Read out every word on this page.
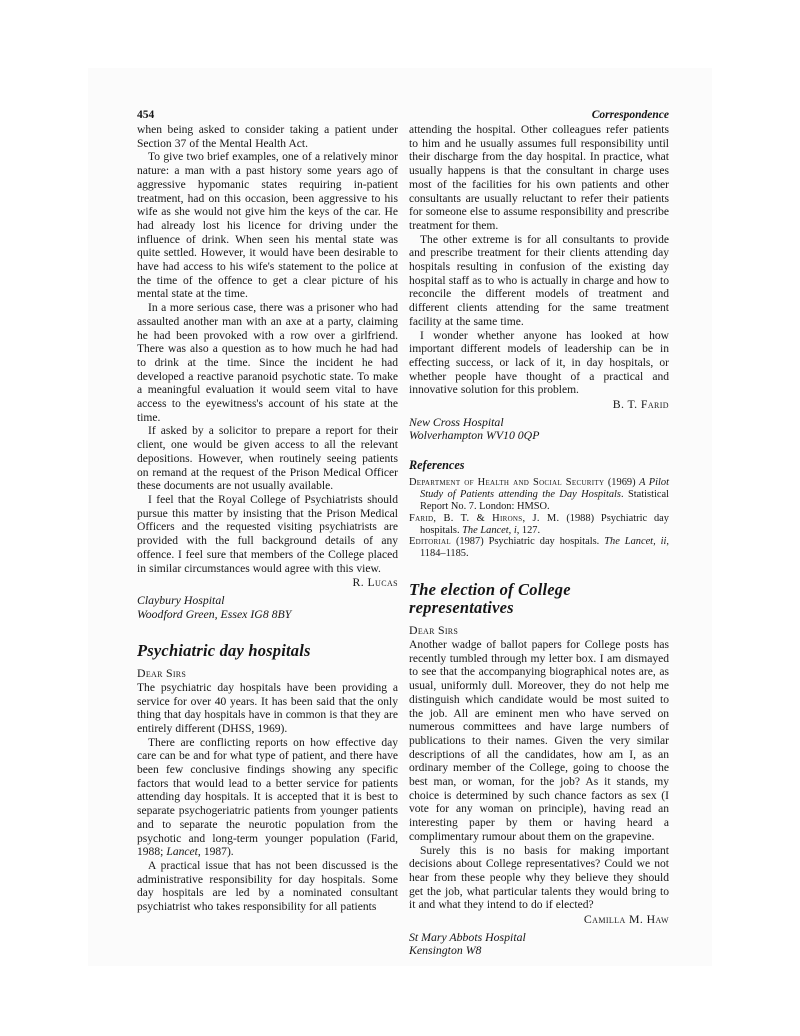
454	Correspondence

when being asked to consider taking a patient under Section 37 of the Mental Health Act.

To give two brief examples, one of a relatively minor nature: a man with a past history some years ago of aggressive hypomanic states requiring in-patient treatment, had on this occasion, been aggressive to his wife as she would not give him the keys of the car. He had already lost his licence for driving under the influence of drink. When seen his mental state was quite settled. However, it would have been desirable to have had access to his wife's statement to the police at the time of the offence to get a clear picture of his mental state at the time.

In a more serious case, there was a prisoner who had assaulted another man with an axe at a party, claiming he had been provoked with a row over a girlfriend. There was also a question as to how much he had had to drink at the time. Since the incident he had developed a reactive paranoid psychotic state. To make a meaningful evaluation it would seem vital to have access to the eyewitness's account of his state at the time.

If asked by a solicitor to prepare a report for their client, one would be given access to all the relevant depositions. However, when routinely seeing patients on remand at the request of the Prison Medical Officer these documents are not usually available.

I feel that the Royal College of Psychiatrists should pursue this matter by insisting that the Prison Medical Officers and the requested visiting psychiatrists are provided with the full background details of any offence. I feel sure that members of the College placed in similar circumstances would agree with this view.

R. Lucas

Claybury Hospital
Woodford Green, Essex IG8 8BY
Psychiatric day hospitals

Dear Sirs

The psychiatric day hospitals have been providing a service for over 40 years. It has been said that the only thing that day hospitals have in common is that they are entirely different (DHSS, 1969).

There are conflicting reports on how effective day care can be and for what type of patient, and there have been few conclusive findings showing any specific factors that would lead to a better service for patients attending day hospitals. It is accepted that it is best to separate psychogeriatric patients from younger patients and to separate the neurotic population from the psychotic and long-term younger population (Farid, 1988; Lancet, 1987).

A practical issue that has not been discussed is the administrative responsibility for day hospitals. Some day hospitals are led by a nominated consultant psychiatrist who takes responsibility for all patients

attending the hospital. Other colleagues refer patients to him and he usually assumes full responsibility until their discharge from the day hospital. In practice, what usually happens is that the consultant in charge uses most of the facilities for his own patients and other consultants are usually reluctant to refer their patients for someone else to assume responsibility and prescribe treatment for them.

The other extreme is for all consultants to provide and prescribe treatment for their clients attending day hospitals resulting in confusion of the existing day hospital staff as to who is actually in charge and how to reconcile the different models of treatment and different clients attending for the same treatment facility at the same time.

I wonder whether anyone has looked at how important different models of leadership can be in effecting success, or lack of it, in day hospitals, or whether people have thought of a practical and innovative solution for this problem.

B. T. Farid

New Cross Hospital
Wolverhampton WV10 0QP
References

Department of Health and Social Security (1969) A Pilot Study of Patients attending the Day Hospitals. Statistical Report No. 7. London: HMSO.

Farid, B. T. & Hirons, J. M. (1988) Psychiatric day hospitals. The Lancet, i, 127.

Editorial (1987) Psychiatric day hospitals. The Lancet, ii, 1184–1185.

The election of College representatives

Dear Sirs

Another wadge of ballot papers for College posts has recently tumbled through my letter box. I am dismayed to see that the accompanying biographical notes are, as usual, uniformly dull. Moreover, they do not help me distinguish which candidate would be most suited to the job. All are eminent men who have served on numerous committees and have large numbers of publications to their names. Given the very similar descriptions of all the candidates, how am I, as an ordinary member of the College, going to choose the best man, or woman, for the job? As it stands, my choice is determined by such chance factors as sex (I vote for any woman on principle), having read an interesting paper by them or having heard a complimentary rumour about them on the grapevine.

Surely this is no basis for making important decisions about College representatives? Could we not hear from these people why they believe they should get the job, what particular talents they would bring to it and what they intend to do if elected?

Camilla M. Haw

St Mary Abbots Hospital
Kensington W8
